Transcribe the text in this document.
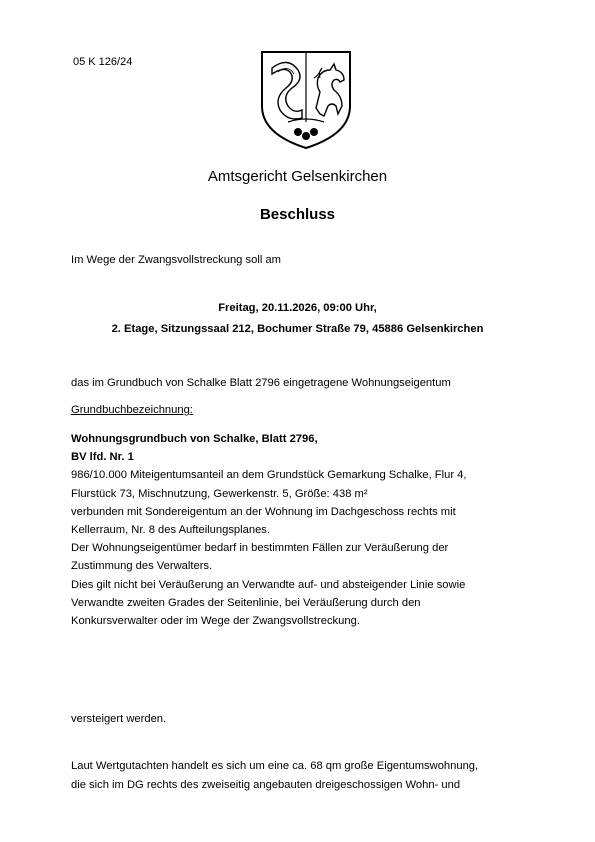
05 K 126/24
Amtsgericht Gelsenkirchen
Beschluss
Im Wege der Zwangsvollstreckung soll am
Freitag, 20.11.2026, 09:00 Uhr,
2. Etage, Sitzungssaal 212, Bochumer Straße 79, 45886 Gelsenkirchen
das im Grundbuch von Schalke Blatt 2796 eingetragene Wohnungseigentum
Grundbuchbezeichnung:
Wohnungsgrundbuch von Schalke, Blatt 2796,
BV lfd. Nr. 1
986/10.000 Miteigentumsanteil an dem Grundstück Gemarkung Schalke, Flur 4,
Flurstück 73, Mischnutzung, Gewerkenstr. 5, Größe: 438 m²
verbunden mit Sondereigentum an der Wohnung im Dachgeschoss rechts mit
Kellerraum, Nr. 8 des Aufteilungsplanes.
Der Wohnungseigentümer bedarf in bestimmten Fällen zur Veräußerung der
Zustimmung des Verwalters.
Dies gilt nicht bei Veräußerung an Verwandte auf- und absteigender Linie sowie
Verwandte zweiten Grades der Seitenlinie, bei Veräußerung durch den
Konkursverwalter oder im Wege der Zwangsvollstreckung.
versteigert werden.
Laut Wertgutachten handelt es sich um eine ca. 68 qm große Eigentumswohnung,
die sich im DG rechts des zweiseitig angebauten dreigeschossigen Wohn- und
